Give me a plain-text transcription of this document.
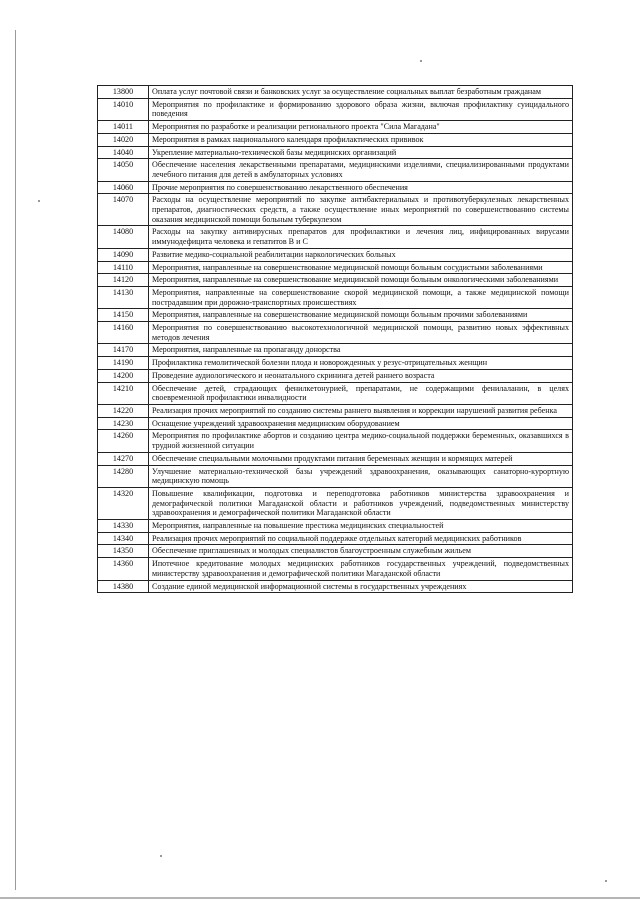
13800	Оплата услуг почтовой связи и банковских услуг за осуществление социальных выплат безработным гражданам
14010	Мероприятия по профилактике и формированию здорового образа жизни, включая профилактику суицидального поведения
14011	Мероприятия по разработке и реализации регионального проекта "Сила Магадана"
14020	Мероприятия в рамках национального календаря профилактических прививок
14040	Укрепление материально-технической базы медицинских организаций
14050	Обеспечение населения лекарственными препаратами, медицинскими изделиями, специализированными продуктами лечебного питания для детей в амбулаторных условиях
14060	Прочие мероприятия по совершенствованию лекарственного обеспечения
14070	Расходы на осуществление мероприятий по закупке антибактериальных и противотуберкулезных лекарственных препаратов, диагностических средств, а также осуществление иных мероприятий по совершенствованию системы оказания медицинской помощи больным туберкулезом
14080	Расходы на закупку антивирусных препаратов для профилактики и лечения лиц, инфицированных вирусами иммунодефицита человека и гепатитов В и С
14090	Развитие медико-социальной реабилитации наркологических больных
14110	Мероприятия, направленные на совершенствование медицинской помощи больным сосудистыми заболеваниями
14120	Мероприятия, направленные на совершенствование медицинской помощи больным онкологическими заболеваниями
14130	Мероприятия, направленные на совершенствование скорой медицинской помощи, а также медицинской помощи пострадавшим при дорожно-транспортных происшествиях
14150	Мероприятия, направленные на совершенствование медицинской помощи больным прочими заболеваниями
14160	Мероприятия по совершенствованию высокотехнологичной медицинской помощи, развитию новых эффективных методов лечения
14170	Мероприятия, направленные на пропаганду донорства
14190	Профилактика гемолитической болезни плода и новорожденных у резус-отрицательных женщин
14200	Проведение аудиологического и неонатального скрининга детей раннего возраста
14210	Обеспечение детей, страдающих фенилкетонурией, препаратами, не содержащими фенилаланин, в целях своевременной профилактики инвалидности
14220	Реализация прочих мероприятий по созданию системы раннего выявления и коррекции нарушений развития ребенка
14230	Оснащение учреждений здравоохранения медицинским оборудованием
14260	Мероприятия по профилактике абортов и созданию центра медико-социальной поддержки беременных, оказавшихся в трудной жизненной ситуации
14270	Обеспечение специальными молочными продуктами питания беременных женщин и кормящих матерей
14280	Улучшение материально-технической базы учреждений здравоохранения, оказывающих санаторно-курортную медицинскую помощь
14320	Повышение квалификации, подготовка и переподготовка работников министерства здравоохранения и демографической политики Магаданской области и работников учреждений, подведомственных министерству здравоохранения и демографической политики Магаданской области
14330	Мероприятия, направленные на повышение престижа медицинских специальностей
14340	Реализация прочих мероприятий по социальной поддержке отдельных категорий медицинских работников
14350	Обеспечение приглашенных и молодых специалистов благоустроенным служебным жильем
14360	Ипотечное кредитование молодых медицинских работников государственных учреждений, подведомственных министерству здравоохранения и демографической политики Магаданской области
14380	Создание единой медицинской информационной системы в государственных учреждениях
